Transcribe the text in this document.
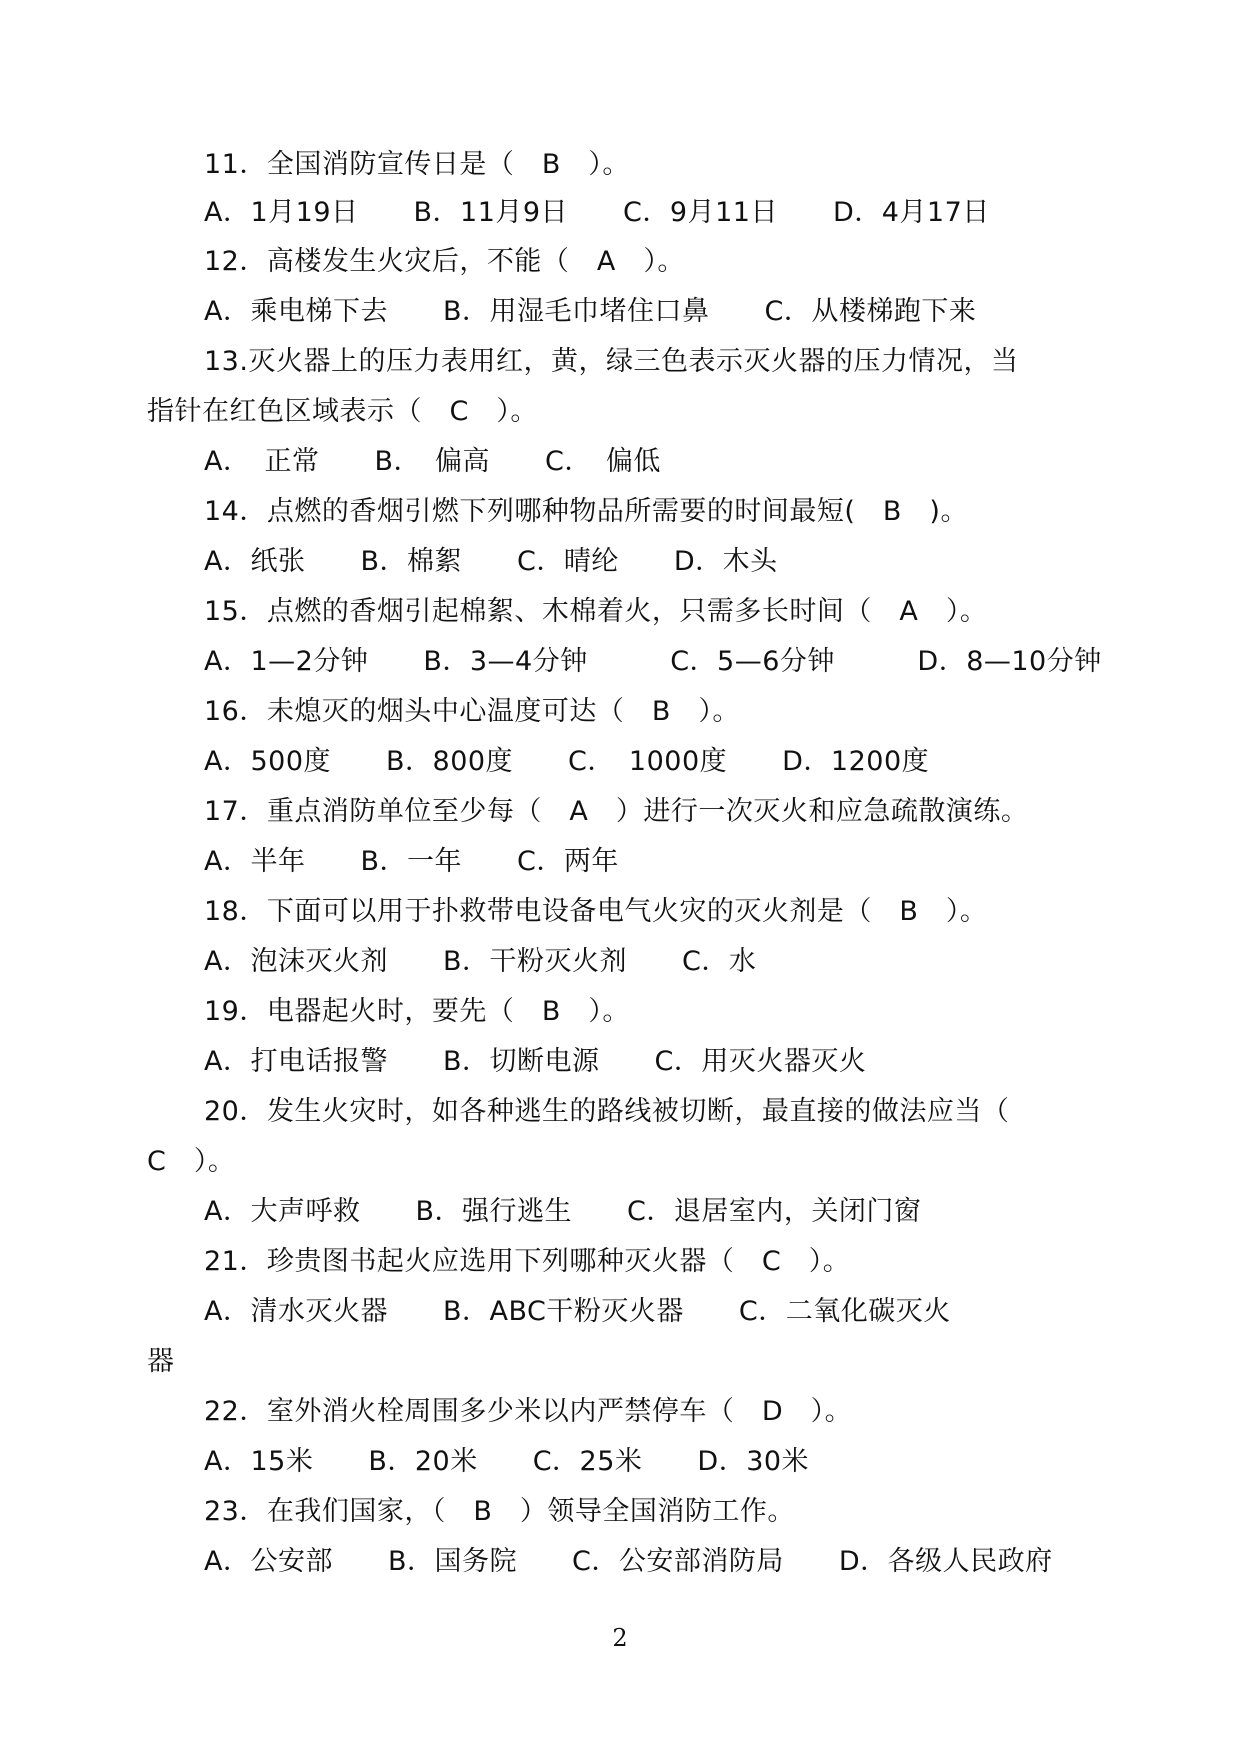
11．全国消防宣传日是（　B　）。
A．1月19日　　B．11月9日　　C．9月11日　　D．4月17日
12．高楼发生火灾后，不能（　A　）。
A．乘电梯下去　　B．用湿毛巾堵住口鼻　　C．从楼梯跑下来
13.灭火器上的压力表用红，黄，绿三色表示灭火器的压力情况，当
指针在红色区域表示（　C　）。
A．　正常　　B．　偏高　　C．　偏低
14．点燃的香烟引燃下列哪种物品所需要的时间最短(　B　)。
A．纸张　　B．棉絮　　C．晴纶　　D．木头
15．点燃的香烟引起棉絮、木棉着火，只需多长时间（　A　）。
A．1—2分钟　　B．3—4分钟　　　C．5—6分钟　　　D．8—10分钟
16．未熄灭的烟头中心温度可达（　B　）。
A．500度　　B．800度　　C．　1000度　　D．1200度
17．重点消防单位至少每（　A　）进行一次灭火和应急疏散演练。
A．半年　　B．一年　　C．两年
18．下面可以用于扑救带电设备电气火灾的灭火剂是（　B　）。
A．泡沫灭火剂　　B．干粉灭火剂　　C．水
19．电器起火时，要先（　B　）。
A．打电话报警　　B．切断电源　　C．用灭火器灭火
20．发生火灾时，如各种逃生的路线被切断，最直接的做法应当（
C　）。
A．大声呼救　　B．强行逃生　　C．退居室内，关闭门窗
21．珍贵图书起火应选用下列哪种灭火器（　C　）。
A．清水灭火器　　B．ABC干粉灭火器　　C．二氧化碳灭火
器
22．室外消火栓周围多少米以内严禁停车（　D　）。
A．15米　　B．20米　　C．25米　　D．30米
23．在我们国家，（　B　）领导全国消防工作。
A．公安部　　B．国务院　　C．公安部消防局　　D．各级人民政府
2
